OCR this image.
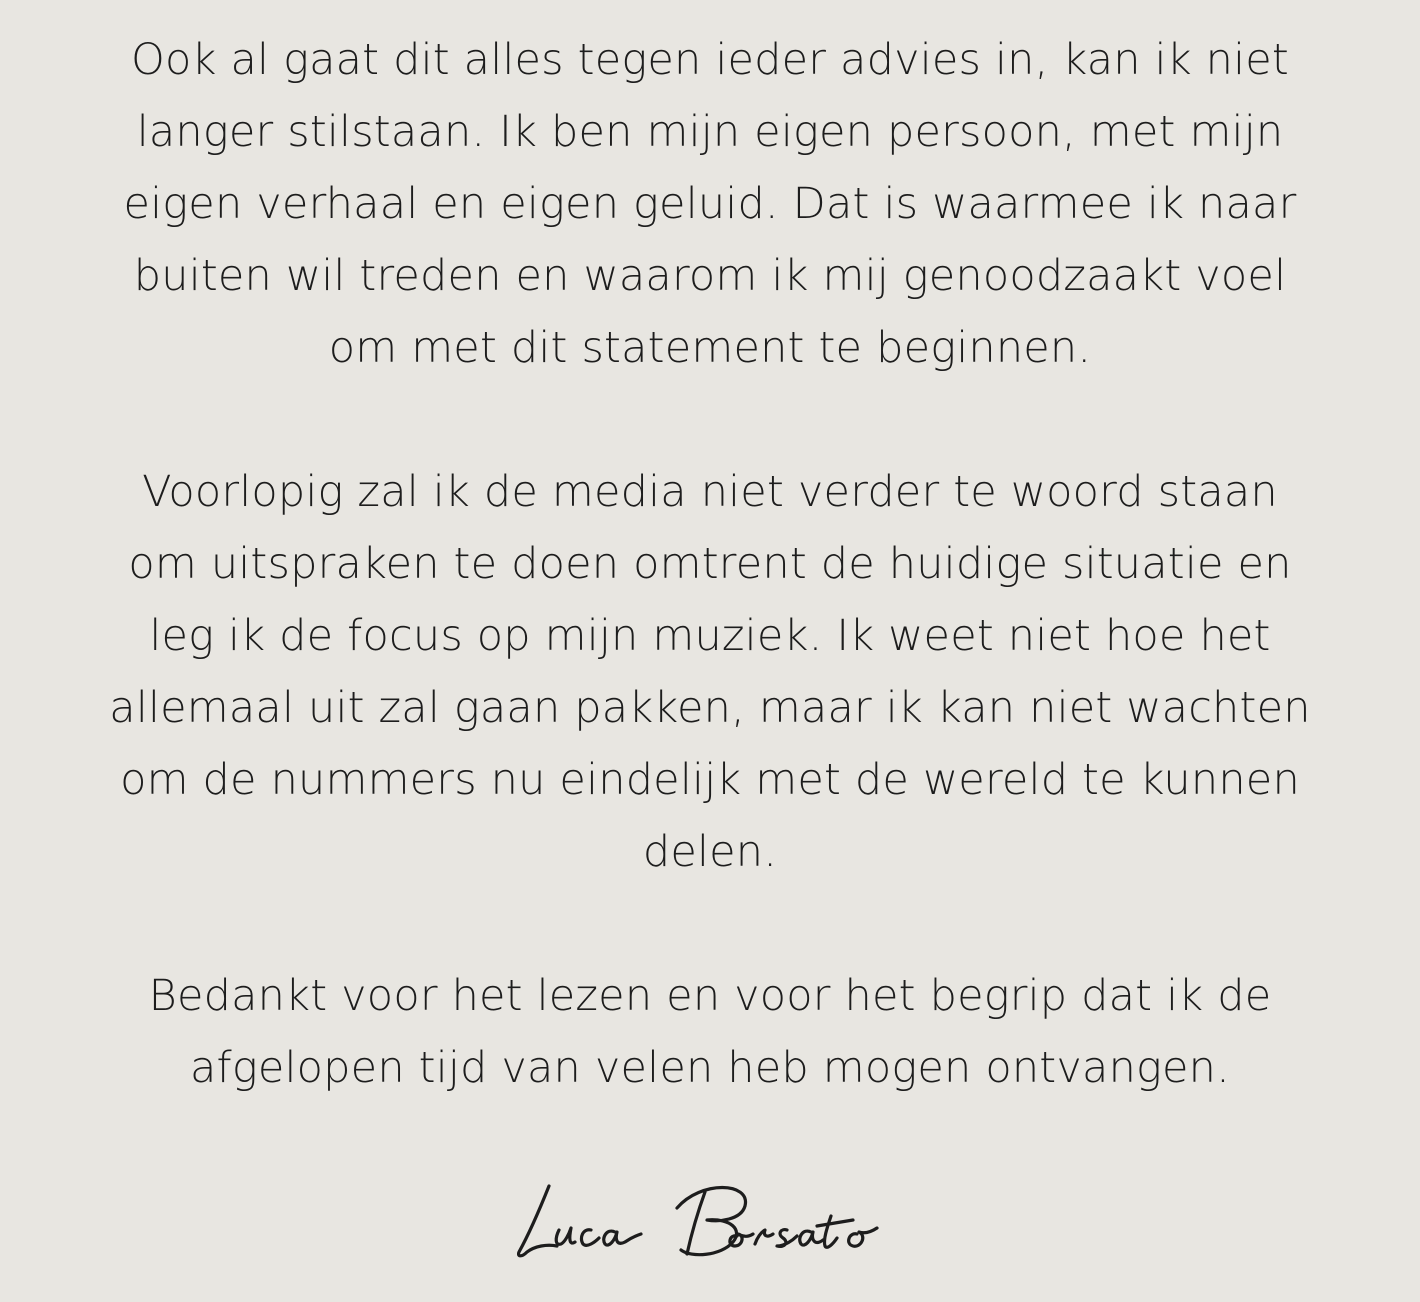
Ook al gaat dit alles tegen ieder advies in, kan ik niet
langer stilstaan. Ik ben mijn eigen persoon, met mijn
eigen verhaal en eigen geluid. Dat is waarmee ik naar
buiten wil treden en waarom ik mij genoodzaakt voel
om met dit statement te beginnen.

Voorlopig zal ik de media niet verder te woord staan
om uitspraken te doen omtrent de huidige situatie en
leg ik de focus op mijn muziek. Ik weet niet hoe het
allemaal uit zal gaan pakken, maar ik kan niet wachten
om de nummers nu eindelijk met de wereld te kunnen
delen.

Bedankt voor het lezen en voor het begrip dat ik de
afgelopen tijd van velen heb mogen ontvangen.
